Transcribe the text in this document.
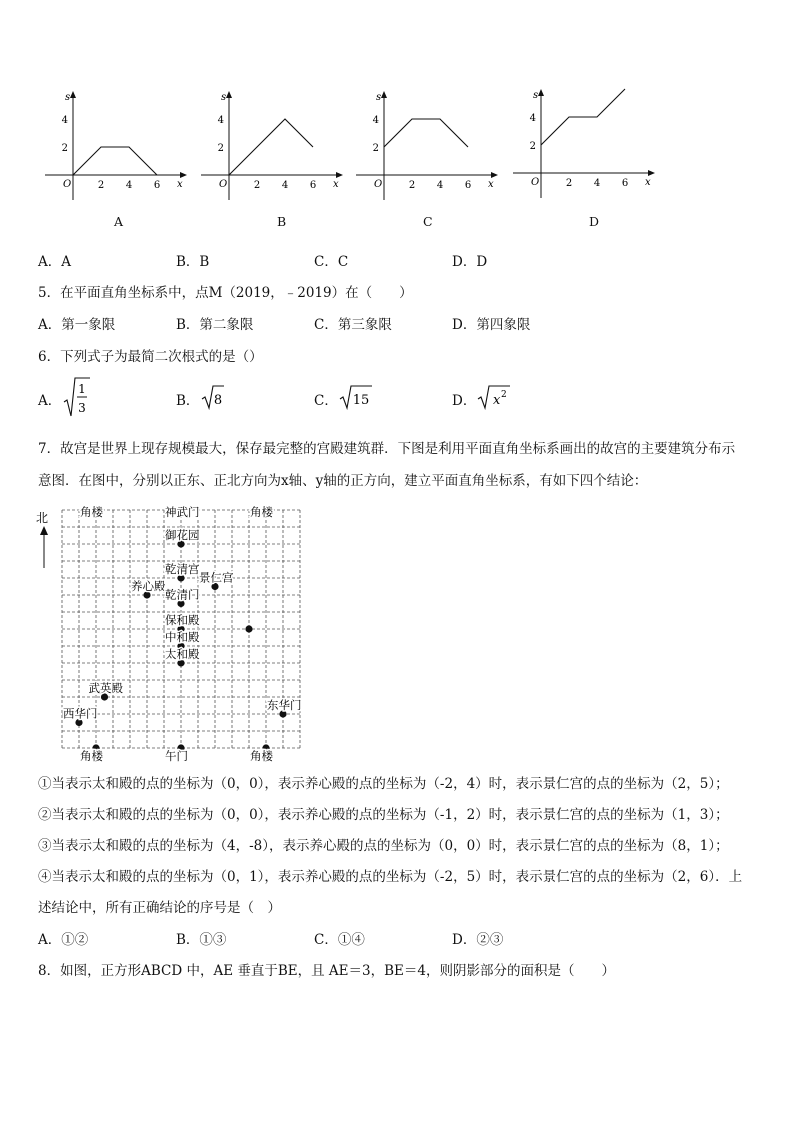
s
x
O	2 4 6
2
4
s
x
O	2 4 6
2
4
s
x
O	2 4 6
2
4
s
x
O	2 4 6
2
4
A	B	C	D
A．A	B．B	C．C	D．D
5．在平面直角坐标系中，点M（2019，﹣2019）在（　　）
A．第一象限	B．第二象限	C．第三象限	D．第四象限
6．下列式子为最简二次根式的是（）
A．
1
3	B． 8	C． 15	D． x 2
7．故宫是世界上现存规模最大，保存最完整的宫殿建筑群．下图是利用平面直角坐标系画出的故宫的主要建筑分布示
意图．在图中，分别以正东、正北方向为x轴、y轴的正方向，建立平面直角坐标系，有如下四个结论：
北	角楼	神武门	角楼
御花园
乾清宫
景仁宫
养心殿
乾清门
保和殿
中和殿
太和殿
武英殿
东华门
西华门
角楼	午门	角楼
①当表示太和殿的点的坐标为（0，0），表示养心殿的点的坐标为（-2，4）时，表示景仁宫的点的坐标为（2，5）；
②当表示太和殿的点的坐标为（0，0），表示养心殿的点的坐标为（-1，2）时，表示景仁宫的点的坐标为（1，3）；
③当表示太和殿的点的坐标为（4，-8），表示养心殿的点的坐标为（0，0）时，表示景仁宫的点的坐标为（8，1）；
④当表示太和殿的点的坐标为（0，1），表示养心殿的点的坐标为（-2，5）时，表示景仁宫的点的坐标为（2，6）．上
述结论中，所有正确结论的序号是（　）
A．①②	B．①③	C．①④	D．②③
8．如图，正方形ABCD 中，AE 垂直于BE，且 AE＝3，BE＝4，则阴影部分的面积是（　　）
